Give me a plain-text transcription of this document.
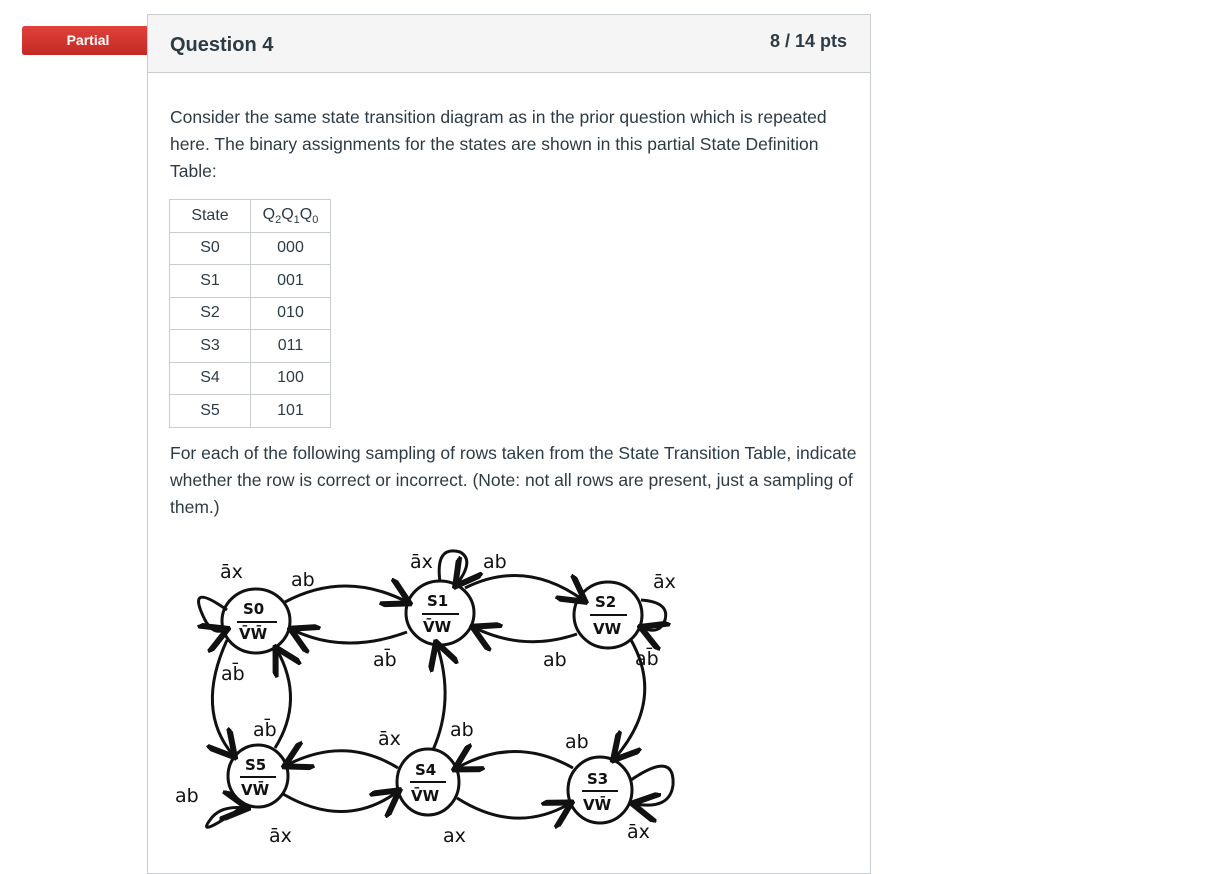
Partial	Question 4	8 / 14 pts
Consider the same state transition diagram as in the prior question which is repeated here. The binary assignments for the states are shown in this partial State Definition Table:
For each of the following sampling of rows taken from the State Transition Table, indicate whether the row is correct or incorrect. (Note: not all rows are present, just a sampling of them.)
State	$Q_2Q_1Q_0$
S0	000
S1	001
S2	010
S3	011
S4	100
S5	101
S0
V̄W̄
S1
V̄W
S2
VW
S5
VW̄
S4
V̄W
S3
VW̄
āx	ab
ab̄
āx	ab
ab
āx
ab̄
ab̄
ab̄
ab
āx
āx
ab
ab
ax	āx
